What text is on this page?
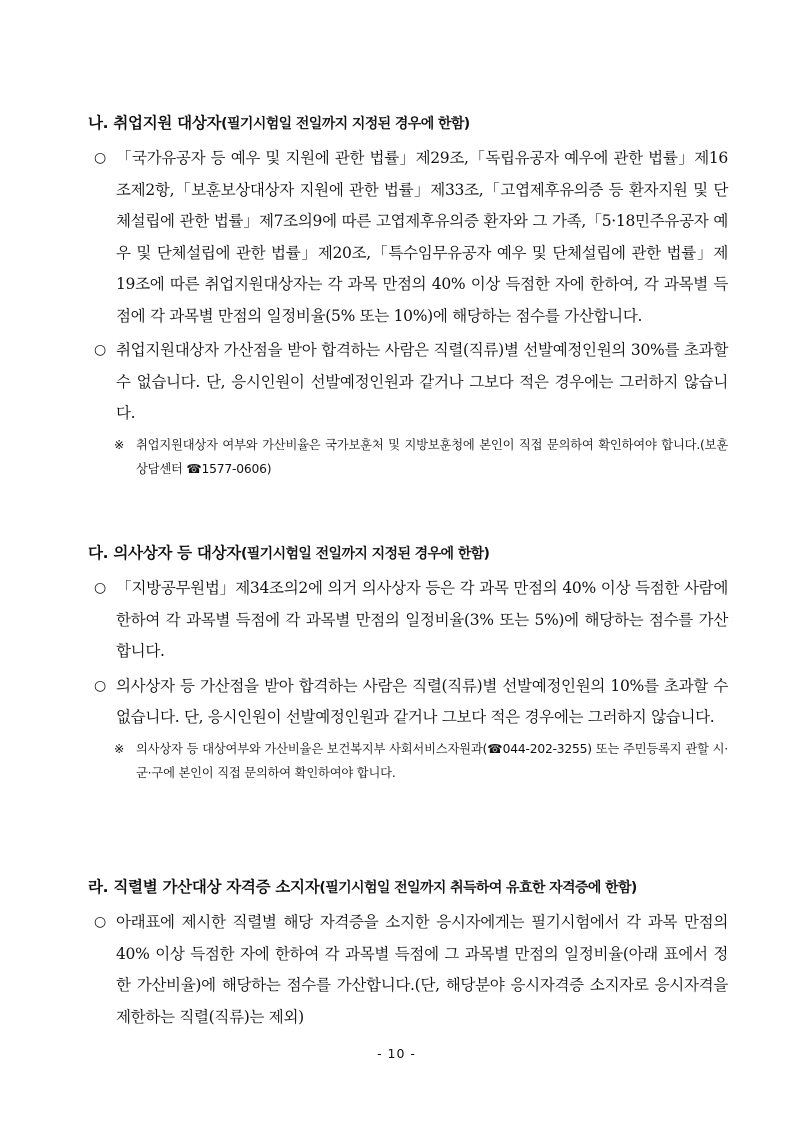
나. 취업지원 대상자(필기시험일 전일까지 지정된 경우에 한함)

○ 「국가유공자 등 예우 및 지원에 관한 법률」제29조,「독립유공자 예우에 관한 법률」제16조제2항,「보훈보상대상자 지원에 관한 법률」제33조,「고엽제후유의증 등 환자지원 및 단체설립에 관한 법률」제7조의9에 따른 고엽제후유의증 환자와 그 가족,「5·18민주유공자 예우 및 단체설립에 관한 법률」제20조,「특수임무유공자 예우 및 단체설립에 관한 법률」제19조에 따른 취업지원대상자는 각 과목 만점의 40% 이상 득점한 자에 한하여, 각 과목별 득점에 각 과목별 만점의 일정비율(5% 또는 10%)에 해당하는 점수를 가산합니다.

○ 취업지원대상자 가산점을 받아 합격하는 사람은 직렬(직류)별 선발예정인원의 30%를 초과할 수 없습니다. 단, 응시인원이 선발예정인원과 같거나 그보다 적은 경우에는 그러하지 않습니다.

※ 취업지원대상자 여부와 가산비율은 국가보훈처 및 지방보훈청에 본인이 직접 문의하여 확인하여야 합니다.(보훈상담센터 ☎1577-0606)

다. 의사상자 등 대상자(필기시험일 전일까지 지정된 경우에 한함)

○ 「지방공무원법」제34조의2에 의거 의사상자 등은 각 과목 만점의 40% 이상 득점한 사람에 한하여 각 과목별 득점에 각 과목별 만점의 일정비율(3% 또는 5%)에 해당하는 점수를 가산합니다.

○ 의사상자 등 가산점을 받아 합격하는 사람은 직렬(직류)별 선발예정인원의 10%를 초과할 수 없습니다. 단, 응시인원이 선발예정인원과 같거나 그보다 적은 경우에는 그러하지 않습니다.

※ 의사상자 등 대상여부와 가산비율은 보건복지부 사회서비스자원과(☎044-202-3255) 또는 주민등록지 관할 시·군·구에 본인이 직접 문의하여 확인하여야 합니다.

라. 직렬별 가산대상 자격증 소지자(필기시험일 전일까지 취득하여 유효한 자격증에 한함)

○ 아래표에 제시한 직렬별 해당 자격증을 소지한 응시자에게는 필기시험에서 각 과목 만점의 40% 이상 득점한 자에 한하여 각 과목별 득점에 그 과목별 만점의 일정비율(아래 표에서 정한 가산비율)에 해당하는 점수를 가산합니다.(단, 해당분야 응시자격증 소지자로 응시자격을 제한하는 직렬(직류)는 제외)

- 10 -
